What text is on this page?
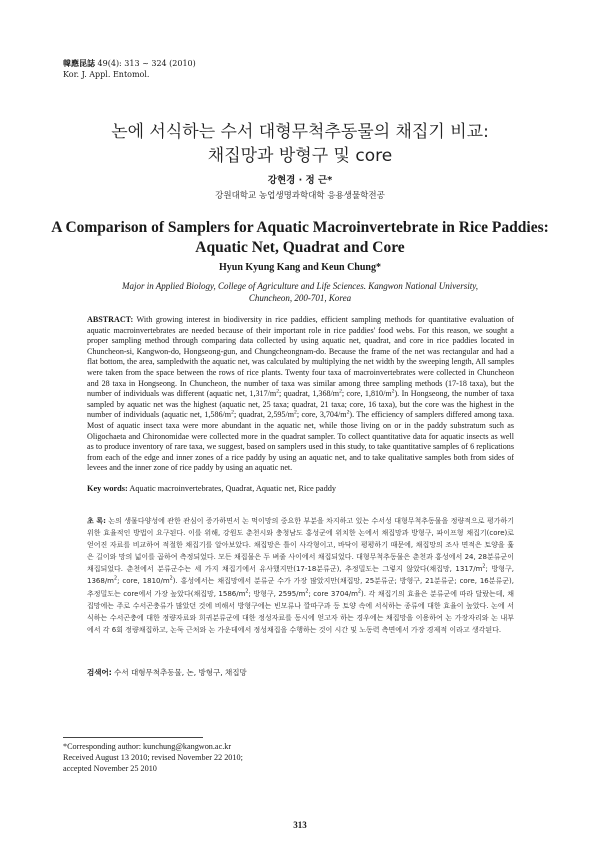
韓應昆誌 49(4): 313 ~ 324 (2010)
Kor. J. Appl. Entomol.
논에 서식하는 수서 대형무척추동물의 채집기 비교:
채집망과 방형구 및 core
강현경 · 정 근*
강원대학교 농업생명과학대학 응용생물학전공
A Comparison of Samplers for Aquatic Macroinvertebrate in Rice Paddies:
Aquatic Net, Quadrat and Core
Hyun Kyung Kang and Keun Chung*
Major in Applied Biology, College of Agriculture and Life Sciences. Kangwon National University,
Chuncheon, 200-701, Korea
ABSTRACT: With growing interest in biodiversity in rice paddies, efficient sampling methods for quantitative evaluation of aquatic macroinvertebrates are needed because of their important role in rice paddies' food webs. For this reason, we sought a proper sampling method through comparing data collected by using aquatic net, quadrat, and core in rice paddies located in Chuncheon-si, Kangwon-do, Hongseong-gun, and Chungcheongnam-do. Because the frame of the net was rectangular and had a flat bottom, the area, sampledwith the aquatic net, was calculated by multiplying the net width by the sweeping length, All samples were taken from the space between the rows of rice plants. Twenty four taxa of macroinvertebrates were collected in Chuncheon and 28 taxa in Hongseong. In Chuncheon, the number of taxa was similar among three sampling methods (17-18 taxa), but the number of individuals was different (aquatic net, $1,317/m^2$; quadrat, $1,368/m^2$; core, $1,810/m^2$). In Hongseong, the number of taxa sampled by aquatic net was the highest (aquatic net, 25 taxa; quadrat, 21 taxa; core, 16 taxa), but the core was the highest in the number of individuals (aquatic net, $1,586/m^2$; quadrat, $2,595/m^2$; core, $3,704/m^2$). The efficiency of samplers differed among taxa. Most of aquatic insect taxa were more abundant in the aquatic net, while those living on or in the paddy substratum such as Oligochaeta and Chironomidae were collected more in the quadrat sampler. To collect quantitative data for aquatic insects as well as to produce inventory of rare taxa, we suggest, based on samplers used in this study, to take quantitative samples of 6 replications from each of the edge and inner zones of a rice paddy by using an aquatic net, and to take qualitative samples both from sides of levees and the inner zone of rice paddy by using an aquatic net.
Key words: Aquatic macroinvertebrates, Quadrat, Aquatic net, Rice paddy
초 록: 논의 생물다양성에 관한 관심이 증가하면서 논 먹이망의 중요한 부분을 차지하고 있는 수서성 대형무척추동물을 정량적으로 평가하기 위한 효율적인 방법이 요구된다. 이를 위해, 강원도 춘천시와 충청남도 홍성군에 위치한 논에서 채집망과 방형구, 파이프형 채집기(core)로 얻어진 자료를 비교하여 적절한 채집기를 알아보았다. 채집망은 틀이 사각형이고, 바닥이 평평하기 때문에, 채집망의 조사 면적은 토양을 훑은 길이와 망의 넓이를 곱하여 측정되었다. 모든 채집물은 두 벼줄 사이에서 채집되었다. 대형무척추동물은 춘천과 홍성에서 24, 28분류군이 채집되었다. 춘천에서 분류군수는 세 가지 채집기에서 유사했지만(17-18분류군), 추정밀도는 그렇지 않았다(채집망, $1317/m^2$; 방형구, $1368/m^2$; core, $1810/m^2$). 홍성에서는 채집망에서 분류군 수가 가장 많았지만(채집망, 25분류군; 방형구, 21분류군; core, 16분류군), 추정밀도는 core에서 가장 높았다(채집망, $1586/m^2$; 방형구, $2595/m^2$; core $3704/m^2$). 각 채집기의 효율은 분류군에 따라 달랐는데, 채집망에는 주로 수서곤충류가 많았던 것에 비해서 방형구에는 빈모류나 깔따구과 등 토양 속에 서식하는 종류에 대한 효율이 높았다. 논에 서식하는 수서곤충에 대한 정량자료와 희귀분류군에 대한 정성자료를 동시에 얻고자 하는 경우에는 채집망을 이용하여 논 가장자리와 논 내부에서 각 6회 정량채집하고, 논둑 근처와 논 가운데에서 정성채집을 수행하는 것이 시간 및 노동력 측면에서 가장 경제적 이라고 생각된다.
검색어: 수서 대형무척추동물, 논, 방형구, 채집망
*Corresponding author: kunchung@kangwon.ac.kr
Received August 13 2010; revised November 22 2010;
accepted November 25 2010
313
